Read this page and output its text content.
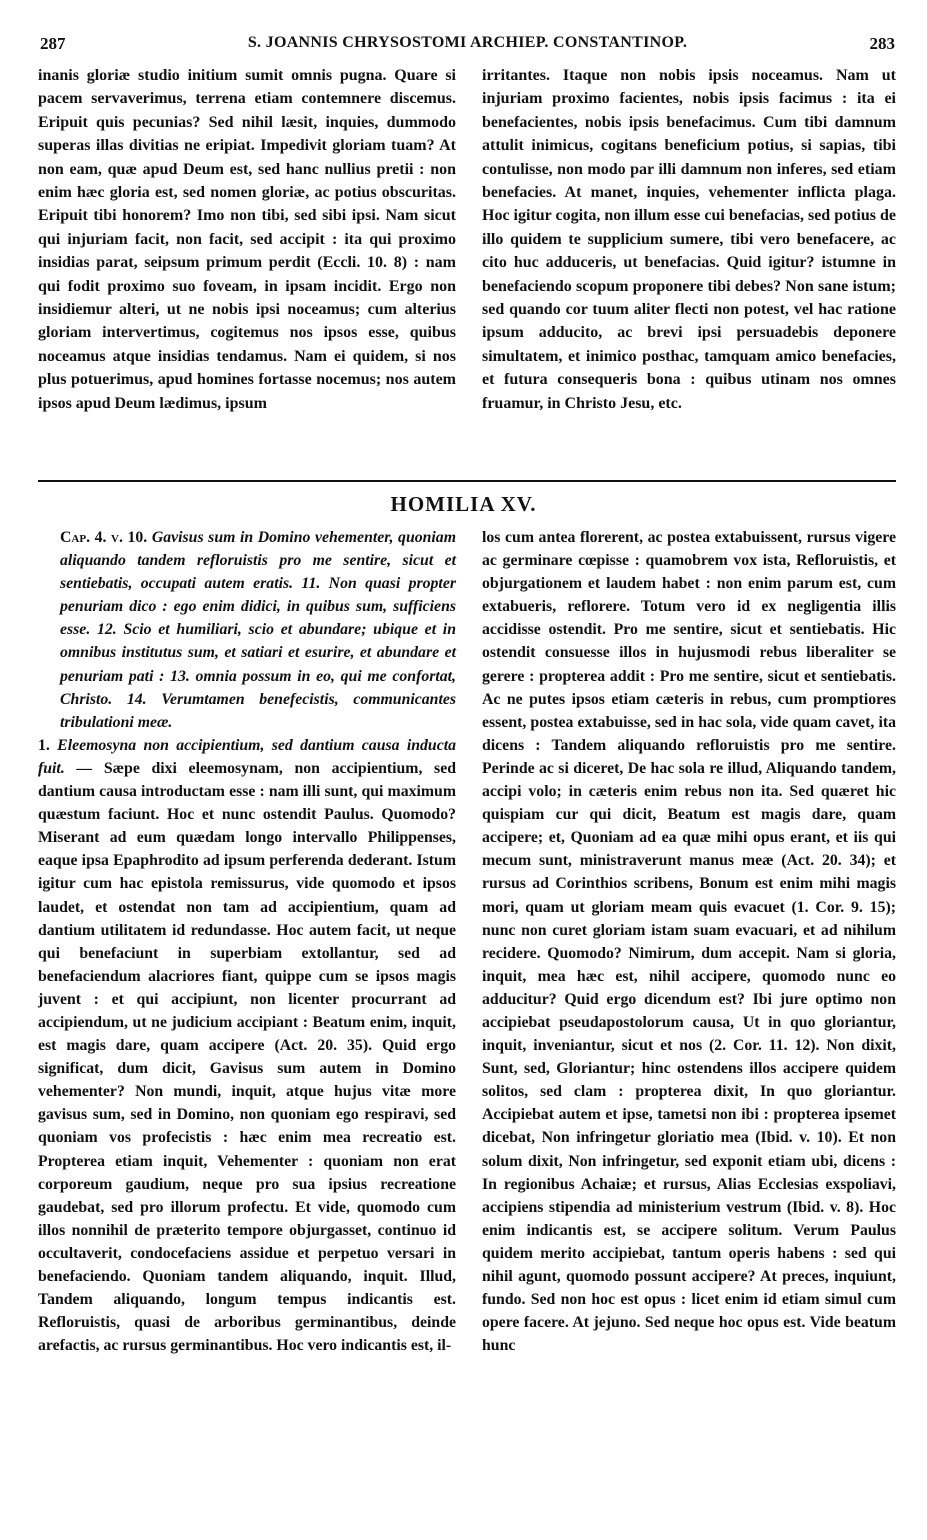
287	S. JOANNIS CHRYSOSTOMI ARCHIEP. CONSTANTINOP.	283

inanis gloriæ studio initium sumit omnis pugna. Quare si pacem servaverimus, terrena etiam contemnere discemus. Eripuit quis pecunias? Sed nihil læsit, inquies, dummodo superas illas divitias ne eripiat. Impedivit gloriam tuam? At non eam, quæ apud Deum est, sed hanc nullius pretii : non enim hæc gloria est, sed nomen gloriæ, ac potius obscuritas. Eripuit tibi honorem? Imo non tibi, sed sibi ipsi. Nam sicut qui injuriam facit, non facit, sed accipit : ita qui proximo insidias parat, seipsum primum perdit (Eccli. 10. 8) : nam qui fodit proximo suo foveam, in ipsam incidit. Ergo non insidiemur alteri, ut ne nobis ipsi noceamus; cum alterius gloriam intervertimus, cogitemus nos ipsos esse, quibus noceamus atque insidias tendamus. Nam ei quidem, si nos plus potuerimus, apud homines fortasse nocemus; nos autem ipsos apud Deum lædimus, ipsum

irritantes. Itaque non nobis ipsis noceamus. Nam ut injuriam proximo facientes, nobis ipsis facimus : ita ei benefacientes, nobis ipsis benefacimus. Cum tibi damnum attulit inimicus, cogitans beneficium potius, si sapias, tibi contulisse, non modo par illi damnum non inferes, sed etiam benefacies. At manet, inquies, vehementer inflicta plaga. Hoc igitur cogita, non illum esse cui benefacias, sed potius de illo quidem te supplicium sumere, tibi vero benefacere, ac cito huc adduceris, ut benefacias. Quid igitur? istumne in benefaciendo scopum proponere tibi debes? Non sane istum; sed quando cor tuum aliter flecti non potest, vel hac ratione ipsum adducito, ac brevi ipsi persuadebis deponere simultatem, et inimico posthac, tamquam amico benefacies, et futura consequeris bona : quibus utinam nos omnes fruamur, in Christo Jesu, etc.

HOMILIA XV.

Cap. 4. v. 10. Gavisus sum in Domino vehementer, quoniam aliquando tandem refloruistis pro me sentire, sicut et sentiebatis, occupati autem eratis. 11. Non quasi propter penuriam dico : ego enim didici, in quibus sum, sufficiens esse. 12. Scio et humiliari, scio et abundare; ubique et in omnibus institutus sum, et satiari et esurire, et abundare et penuriam pati : 13. omnia possum in eo, qui me confortat, Christo. 14. Verumtamen benefecistis, communicantes tribulationi meæ.

1. Eleemosyna non accipientium, sed dantium causa inducta fuit. — Sæpe dixi eleemosynam, non accipientium, sed dantium causa introductam esse : nam illi sunt, qui maximum quæstum faciunt. Hoc et nunc ostendit Paulus. Quomodo? Miserant ad eum quædam longo intervallo Philippenses, eaque ipsa Epaphrodito ad ipsum perferenda dederant. Istum igitur cum hac epistola remissurus, vide quomodo et ipsos laudet, et ostendat non tam ad accipientium, quam ad dantium utilitatem id redundasse. Hoc autem facit, ut neque qui benefaciunt in superbiam extollantur, sed ad benefaciendum alacriores fiant, quippe cum se ipsos magis juvent : et qui accipiunt, non licenter procurrant ad accipiendum, ut ne judicium accipiant : Beatum enim, inquit, est magis dare, quam accipere (Act. 20. 35). Quid ergo significat, dum dicit, Gavisus sum autem in Domino vehementer? Non mundi, inquit, atque hujus vitæ more gavisus sum, sed in Domino, non quoniam ego respiravi, sed quoniam vos profecistis : hæc enim mea recreatio est. Propterea etiam inquit, Vehementer : quoniam non erat corporeum gaudium, neque pro sua ipsius recreatione gaudebat, sed pro illorum profectu. Et vide, quomodo cum illos nonnihil de præterito tempore objurgasset, continuo id occultaverit, condocefaciens assidue et perpetuo versari in benefaciendo. Quoniam tandem aliquando, inquit. Illud, Tandem aliquando, longum tempus indicantis est. Refloruistis, quasi de arboribus germinantibus, deinde arefactis, ac rursus germinantibus. Hoc vero indicantis est, il-

los cum antea florerent, ac postea extabuissent, rursus vigere ac germinare cœpisse : quamobrem vox ista, Refloruistis, et objurgationem et laudem habet : non enim parum est, cum extabueris, reflorere. Totum vero id ex negligentia illis accidisse ostendit. Pro me sentire, sicut et sentiebatis. Hic ostendit consuesse illos in hujusmodi rebus liberaliter se gerere : propterea addit : Pro me sentire, sicut et sentiebatis. Ac ne putes ipsos etiam cæteris in rebus, cum promptiores essent, postea extabuisse, sed in hac sola, vide quam cavet, ita dicens : Tandem aliquando refloruistis pro me sentire. Perinde ac si diceret, De hac sola re illud, Aliquando tandem, accipi volo; in cæteris enim rebus non ita. Sed quæret hic quispiam cur qui dicit, Beatum est magis dare, quam accipere; et, Quoniam ad ea quæ mihi opus erant, et iis qui mecum sunt, ministraverunt manus meæ (Act. 20. 34); et rursus ad Corinthios scribens, Bonum est enim mihi magis mori, quam ut gloriam meam quis evacuet (1. Cor. 9. 15); nunc non curet gloriam istam suam evacuari, et ad nihilum recidere. Quomodo? Nimirum, dum accepit. Nam si gloria, inquit, mea hæc est, nihil accipere, quomodo nunc eo adducitur? Quid ergo dicendum est? Ibi jure optimo non accipiebat pseudapostolorum causa, Ut in quo gloriantur, inquit, inveniantur, sicut et nos (2. Cor. 11. 12). Non dixit, Sunt, sed, Gloriantur; hinc ostendens illos accipere quidem solitos, sed clam : propterea dixit, In quo gloriantur. Accipiebat autem et ipse, tametsi non ibi : propterea ipsemet dicebat, Non infringetur gloriatio mea (Ibid. v. 10). Et non solum dixit, Non infringetur, sed exponit etiam ubi, dicens : In regionibus Achaiæ; et rursus, Alias Ecclesias exspoliavi, accipiens stipendia ad ministerium vestrum (Ibid. v. 8). Hoc enim indicantis est, se accipere solitum. Verum Paulus quidem merito accipiebat, tantum operis habens : sed qui nihil agunt, quomodo possunt accipere? At preces, inquiunt, fundo. Sed non hoc est opus : licet enim id etiam simul cum opere facere. At jejuno. Sed neque hoc opus est. Vide beatum hunc
